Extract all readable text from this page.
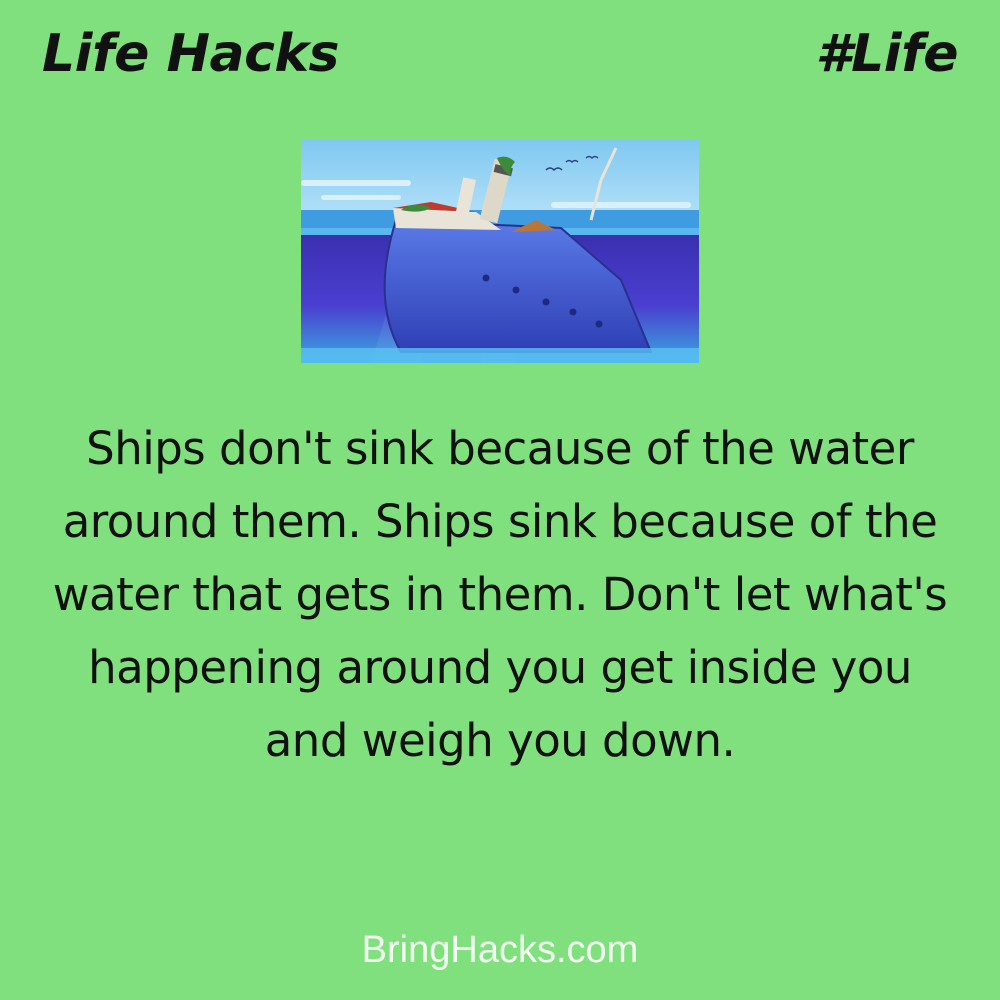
Life Hacks	#Life

Ships don't sink because of the water around them. Ships sink because of the water that gets in them. Don't let what's happening around you get inside you and weigh you down.

BringHacks.com
